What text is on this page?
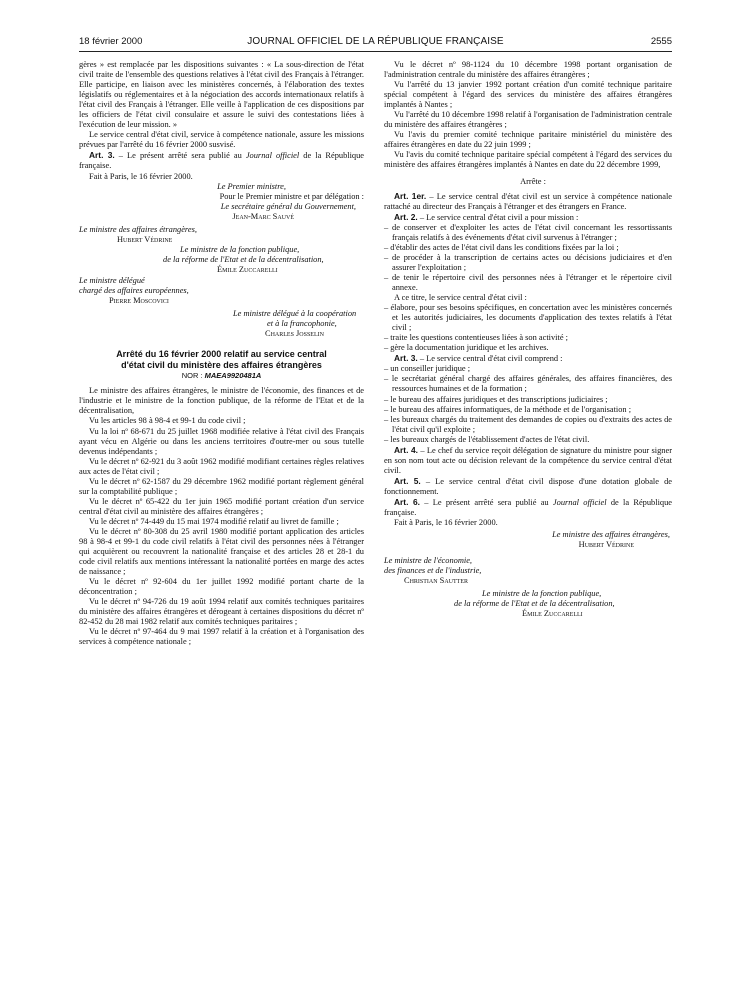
18 février 2000	JOURNAL OFFICIEL DE LA RÉPUBLIQUE FRANÇAISE	2555

gères » est remplacée par les dispositions suivantes : « La sous-direction de l'état civil traite de l'ensemble des questions relatives à l'état civil des Français à l'étranger. Elle participe, en liaison avec les ministères concernés, à l'élaboration des textes législatifs ou réglementaires et à la négociation des accords internationaux relatifs à l'état civil des Français à l'étranger. Elle veille à l'application de ces dispositions par les officiers de l'état civil consulaire et assure le suivi des contestations liées à l'exécution de leur mission. »

Le service central d'état civil, service à compétence nationale, assure les missions prévues par l'arrêté du 16 février 2000 susvisé.

Art. 3. – Le présent arrêté sera publié au Journal officiel de la République française.

Fait à Paris, le 16 février 2000.

Le Premier ministre,
Pour le Premier ministre et par délégation :
Le secrétaire général du Gouvernement,
Jean-Marc Sauvé
Le ministre des affaires étrangères,
Hubert Védrine
Le ministre de la fonction publique,
de la réforme de l'Etat et de la décentralisation,
Émile Zuccarelli
Le ministre délégué
chargé des affaires européennes,
Pierre Moscovici
Le ministre délégué à la coopération
et à la francophonie,
Charles Josselin
Arrêté du 16 février 2000 relatif au service central
d'état civil du ministère des affaires étrangères
NOR : MAEA9920481A

Le ministre des affaires étrangères, le ministre de l'économie, des finances et de l'industrie et le ministre de la fonction publique, de la réforme de l'Etat et de la décentralisation,

Vu les articles 98 à 98-4 et 99-1 du code civil ;

Vu la loi nº 68-671 du 25 juillet 1968 modifiée relative à l'état civil des Français ayant vécu en Algérie ou dans les anciens territoires d'outre-mer ou sous tutelle devenus indépendants ;

Vu le décret nº 62-921 du 3 août 1962 modifié modifiant certaines règles relatives aux actes de l'état civil ;

Vu le décret nº 62-1587 du 29 décembre 1962 modifié portant règlement général sur la comptabilité publique ;

Vu le décret nº 65-422 du 1er juin 1965 modifié portant création d'un service central d'état civil au ministère des affaires étrangères ;

Vu le décret nº 74-449 du 15 mai 1974 modifié relatif au livret de famille ;

Vu le décret nº 80-308 du 25 avril 1980 modifié portant application des articles 98 à 98-4 et 99-1 du code civil relatifs à l'état civil des personnes nées à l'étranger qui acquièrent ou recouvrent la nationalité française et des articles 28 et 28-1 du code civil relatifs aux mentions intéressant la nationalité portées en marge des actes de naissance ;

Vu le décret nº 92-604 du 1er juillet 1992 modifié portant charte de la déconcentration ;

Vu le décret nº 94-726 du 19 août 1994 relatif aux comités techniques paritaires du ministère des affaires étrangères et dérogeant à certaines dispositions du décret nº 82-452 du 28 mai 1982 relatif aux comités techniques paritaires ;

Vu le décret nº 97-464 du 9 mai 1997 relatif à la création et à l'organisation des services à compétence nationale ;

Vu le décret nº 98-1124 du 10 décembre 1998 portant organisation de l'administration centrale du ministère des affaires étrangères ;

Vu l'arrêté du 13 janvier 1992 portant création d'un comité technique paritaire spécial compétent à l'égard des services du ministère des affaires étrangères implantés à Nantes ;

Vu l'arrêté du 10 décembre 1998 relatif à l'organisation de l'administration centrale du ministère des affaires étrangères ;

Vu l'avis du premier comité technique paritaire ministériel du ministère des affaires étrangères en date du 22 juin 1999 ;

Vu l'avis du comité technique paritaire spécial compétent à l'égard des services du ministère des affaires étrangères implantés à Nantes en date du 22 décembre 1999,

Arrête :

Art. 1er. – Le service central d'état civil est un service à compétence nationale rattaché au directeur des Français à l'étranger et des étrangers en France.

Art. 2. – Le service central d'état civil a pour mission :

– de conserver et d'exploiter les actes de l'état civil concernant les ressortissants français relatifs à des événements d'état civil survenus à l'étranger ;
– d'établir des actes de l'état civil dans les conditions fixées par la loi ;
– de procéder à la transcription de certains actes ou décisions judiciaires et d'en assurer l'exploitation ;
– de tenir le répertoire civil des personnes nées à l'étranger et le répertoire civil annexe.

A ce titre, le service central d'état civil :

– élabore, pour ses besoins spécifiques, en concertation avec les ministères concernés et les autorités judiciaires, les documents d'application des textes relatifs à l'état civil ;
– traite les questions contentieuses liées à son activité ;
– gère la documentation juridique et les archives.

Art. 3. – Le service central d'état civil comprend :

– un conseiller juridique ;
– le secrétariat général chargé des affaires générales, des affaires financières, des ressources humaines et de la formation ;
– le bureau des affaires juridiques et des transcriptions judiciaires ;
– le bureau des affaires informatiques, de la méthode et de l'organisation ;
– les bureaux chargés du traitement des demandes de copies ou d'extraits des actes de l'état civil qu'il exploite ;
– les bureaux chargés de l'établissement d'actes de l'état civil.

Art. 4. – Le chef du service reçoit délégation de signature du ministre pour signer en son nom tout acte ou décision relevant de la compétence du service central d'état civil.

Art. 5. – Le service central d'état civil dispose d'une dotation globale de fonctionnement.

Art. 6. – Le présent arrêté sera publié au Journal officiel de la République française.

Fait à Paris, le 16 février 2000.

Le ministre des affaires étrangères,
Hubert Védrine
Le ministre de l'économie,
des finances et de l'industrie,
Christian Sautter
Le ministre de la fonction publique,
de la réforme de l'Etat et de la décentralisation,
Émile Zuccarelli
